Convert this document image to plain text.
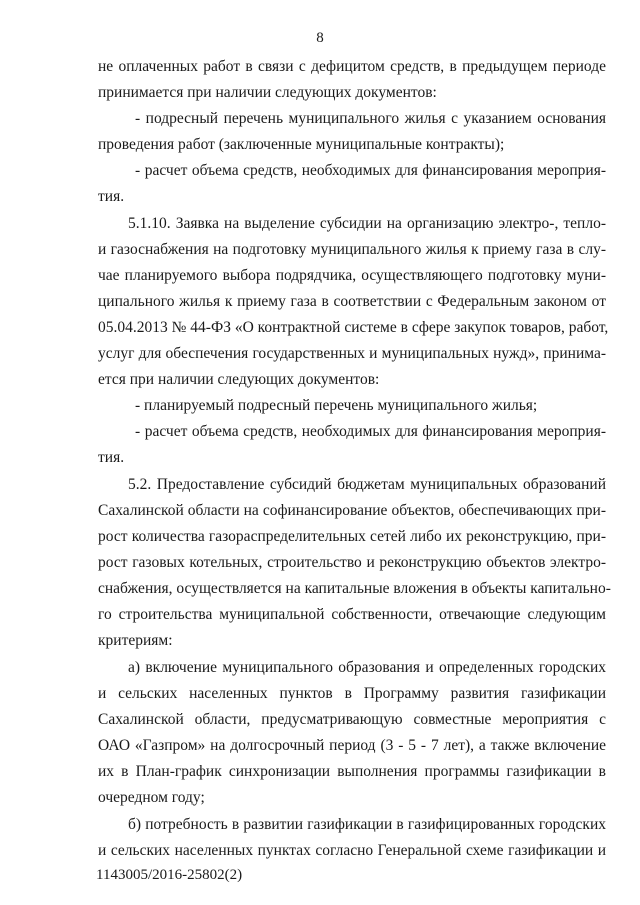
8
не оплаченных работ в связи с дефицитом средств, в предыдущем периоде
принимается при наличии следующих документов:
- подресный перечень муниципального жилья с указанием основания
проведения работ (заключенные муниципальные контракты);
- расчет объема средств, необходимых для финансирования мероприя-
тия.
5.1.10. Заявка на выделение субсидии на организацию электро-, тепло-
и газоснабжения на подготовку муниципального жилья к приему газа в слу-
чае планируемого выбора подрядчика, осуществляющего подготовку муни-
ципального жилья к приему газа в соответствии с Федеральным законом от
05.04.2013 № 44-ФЗ «О контрактной системе в сфере закупок товаров, работ,
услуг для обеспечения государственных и муниципальных нужд», принима-
ется при наличии следующих документов:
- планируемый подресный перечень муниципального жилья;
- расчет объема средств, необходимых для финансирования мероприя-
тия.
5.2. Предоставление субсидий бюджетам муниципальных образований
Сахалинской области на софинансирование объектов, обеспечивающих при-
рост количества газораспределительных сетей либо их реконструкцию, при-
рост газовых котельных, строительство и реконструкцию объектов электро-
снабжения, осуществляется на капитальные вложения в объекты капитально-
го строительства муниципальной собственности, отвечающие следующим
критериям:
а) включение муниципального образования и определенных городских
и сельских населенных пунктов в Программу развития газификации
Сахалинской области, предусматривающую совместные мероприятия с
ОАО «Газпром» на долгосрочный период (3 - 5 - 7 лет), а также включение
их в План-график синхронизации выполнения программы газификации в
очередном году;
б) потребность в развитии газификации в газифицированных городских
и сельских населенных пунктах согласно Генеральной схеме газификации и
1143005/2016-25802(2)
